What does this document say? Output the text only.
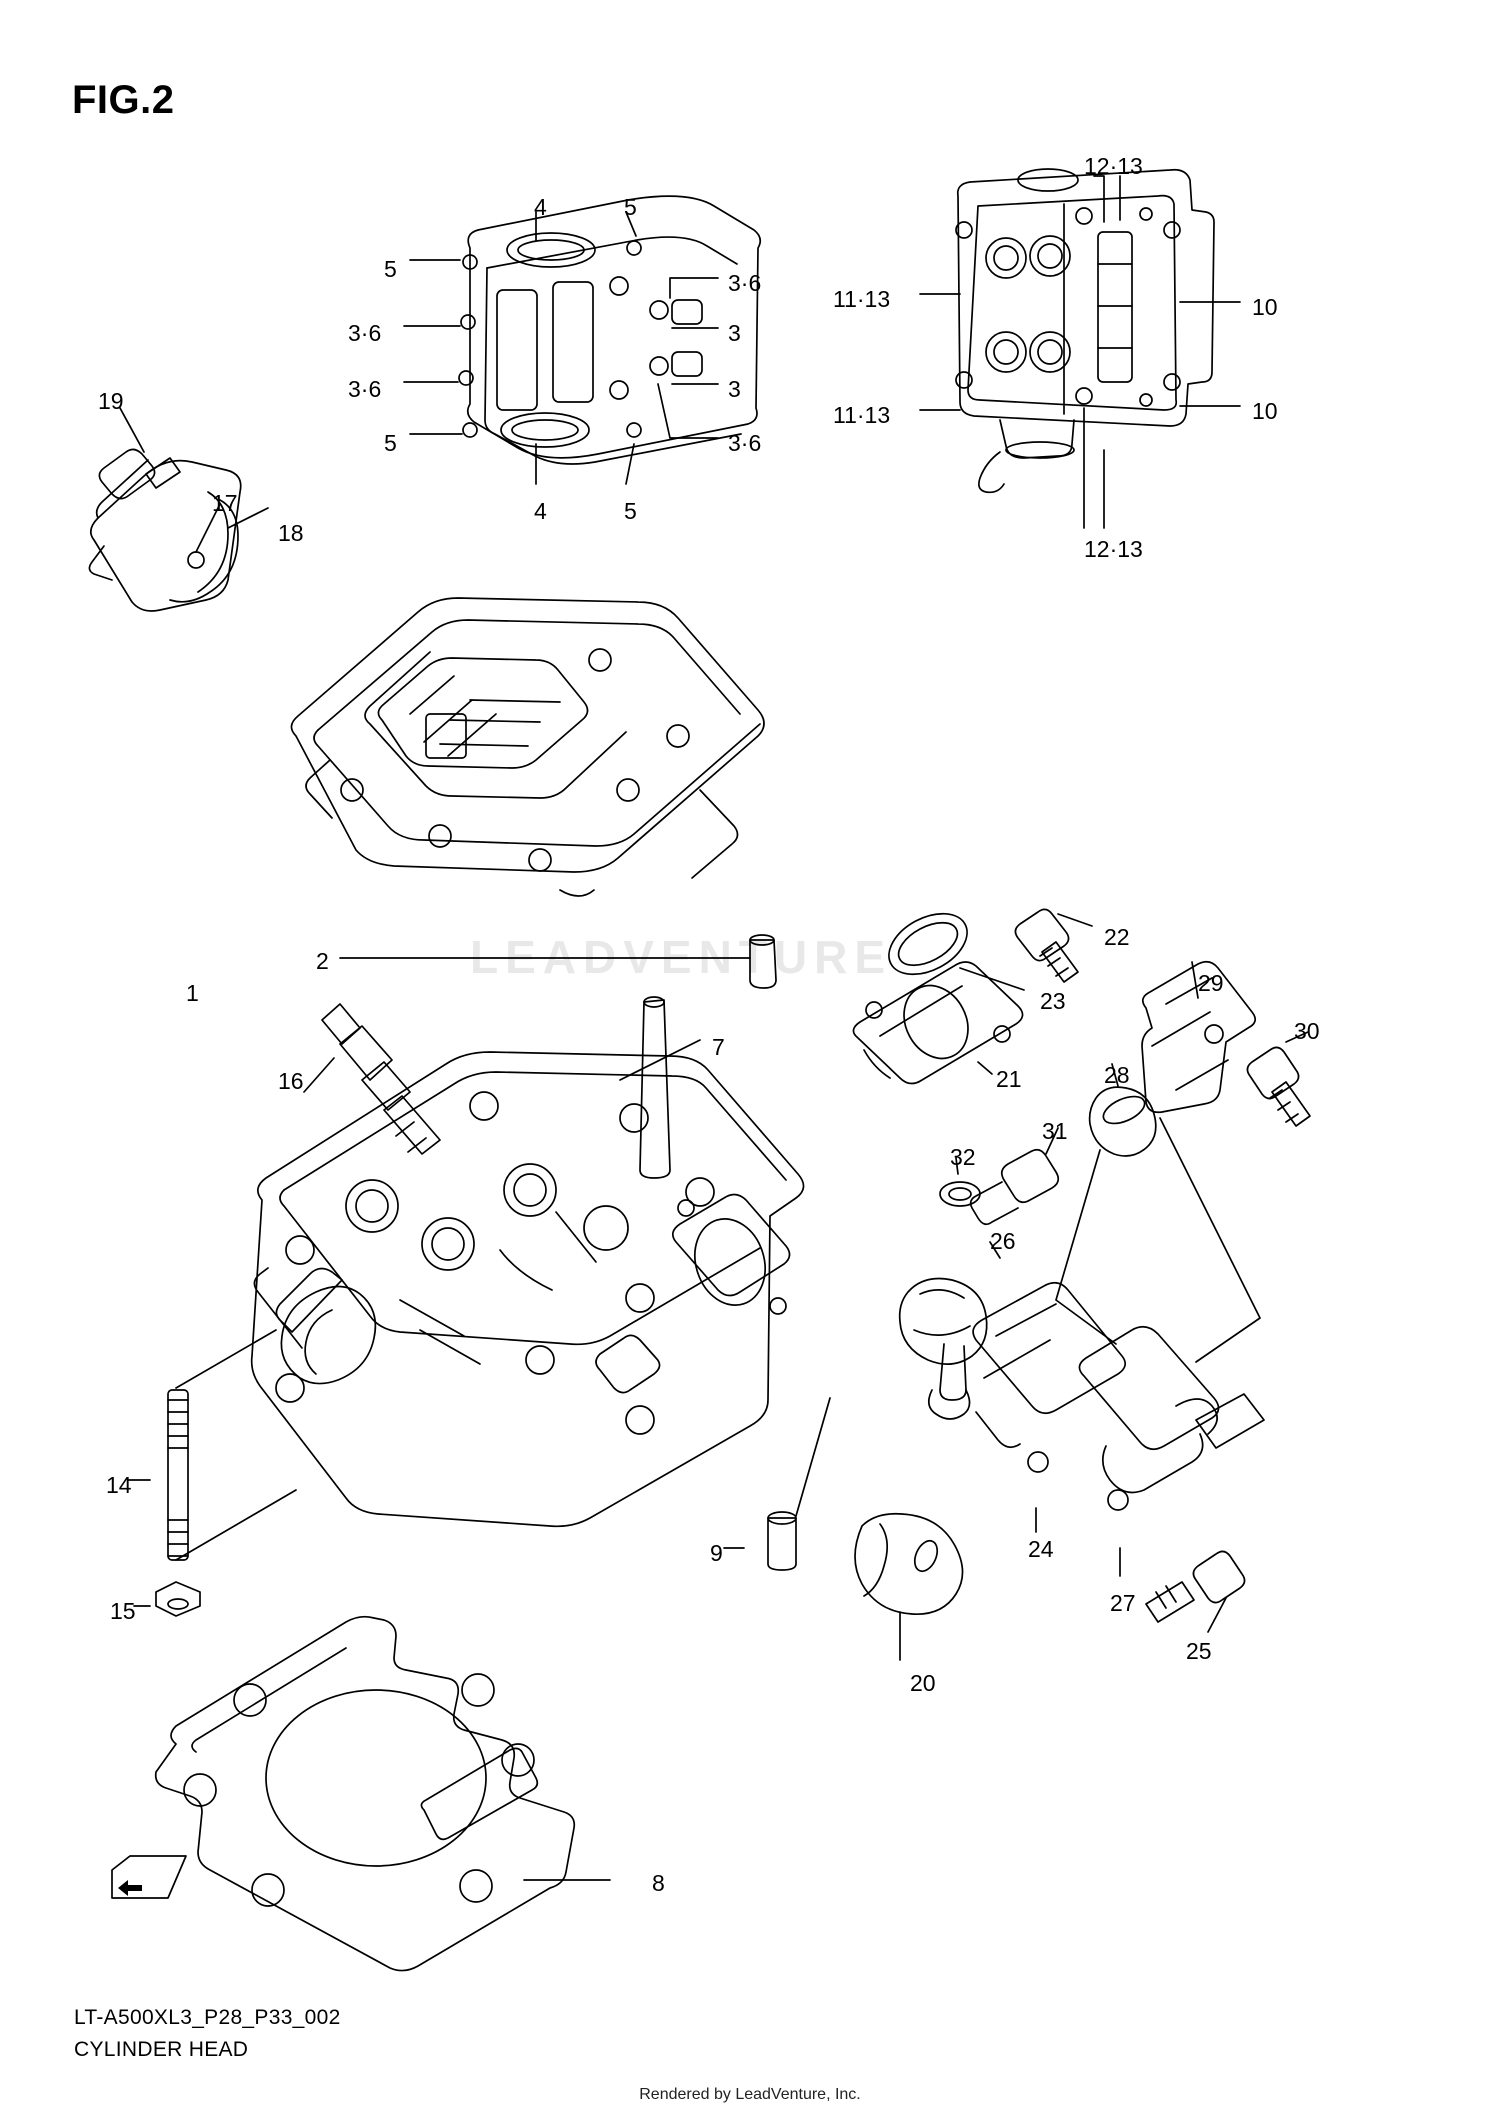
FIG.2
LEADVENTURE
4	5
5
3·6
3·6	3
3·6	3
3·6
5
4	5
12·13
11·13	10
11·13	10
12·13
19
17
18
1
2
16
7
22
23
21
29
30
28
31
32
26
14
15
9	24
27
25
20
8
LT-A500XL3_P28_P33_002
CYLINDER HEAD
Rendered by LeadVenture, Inc.
